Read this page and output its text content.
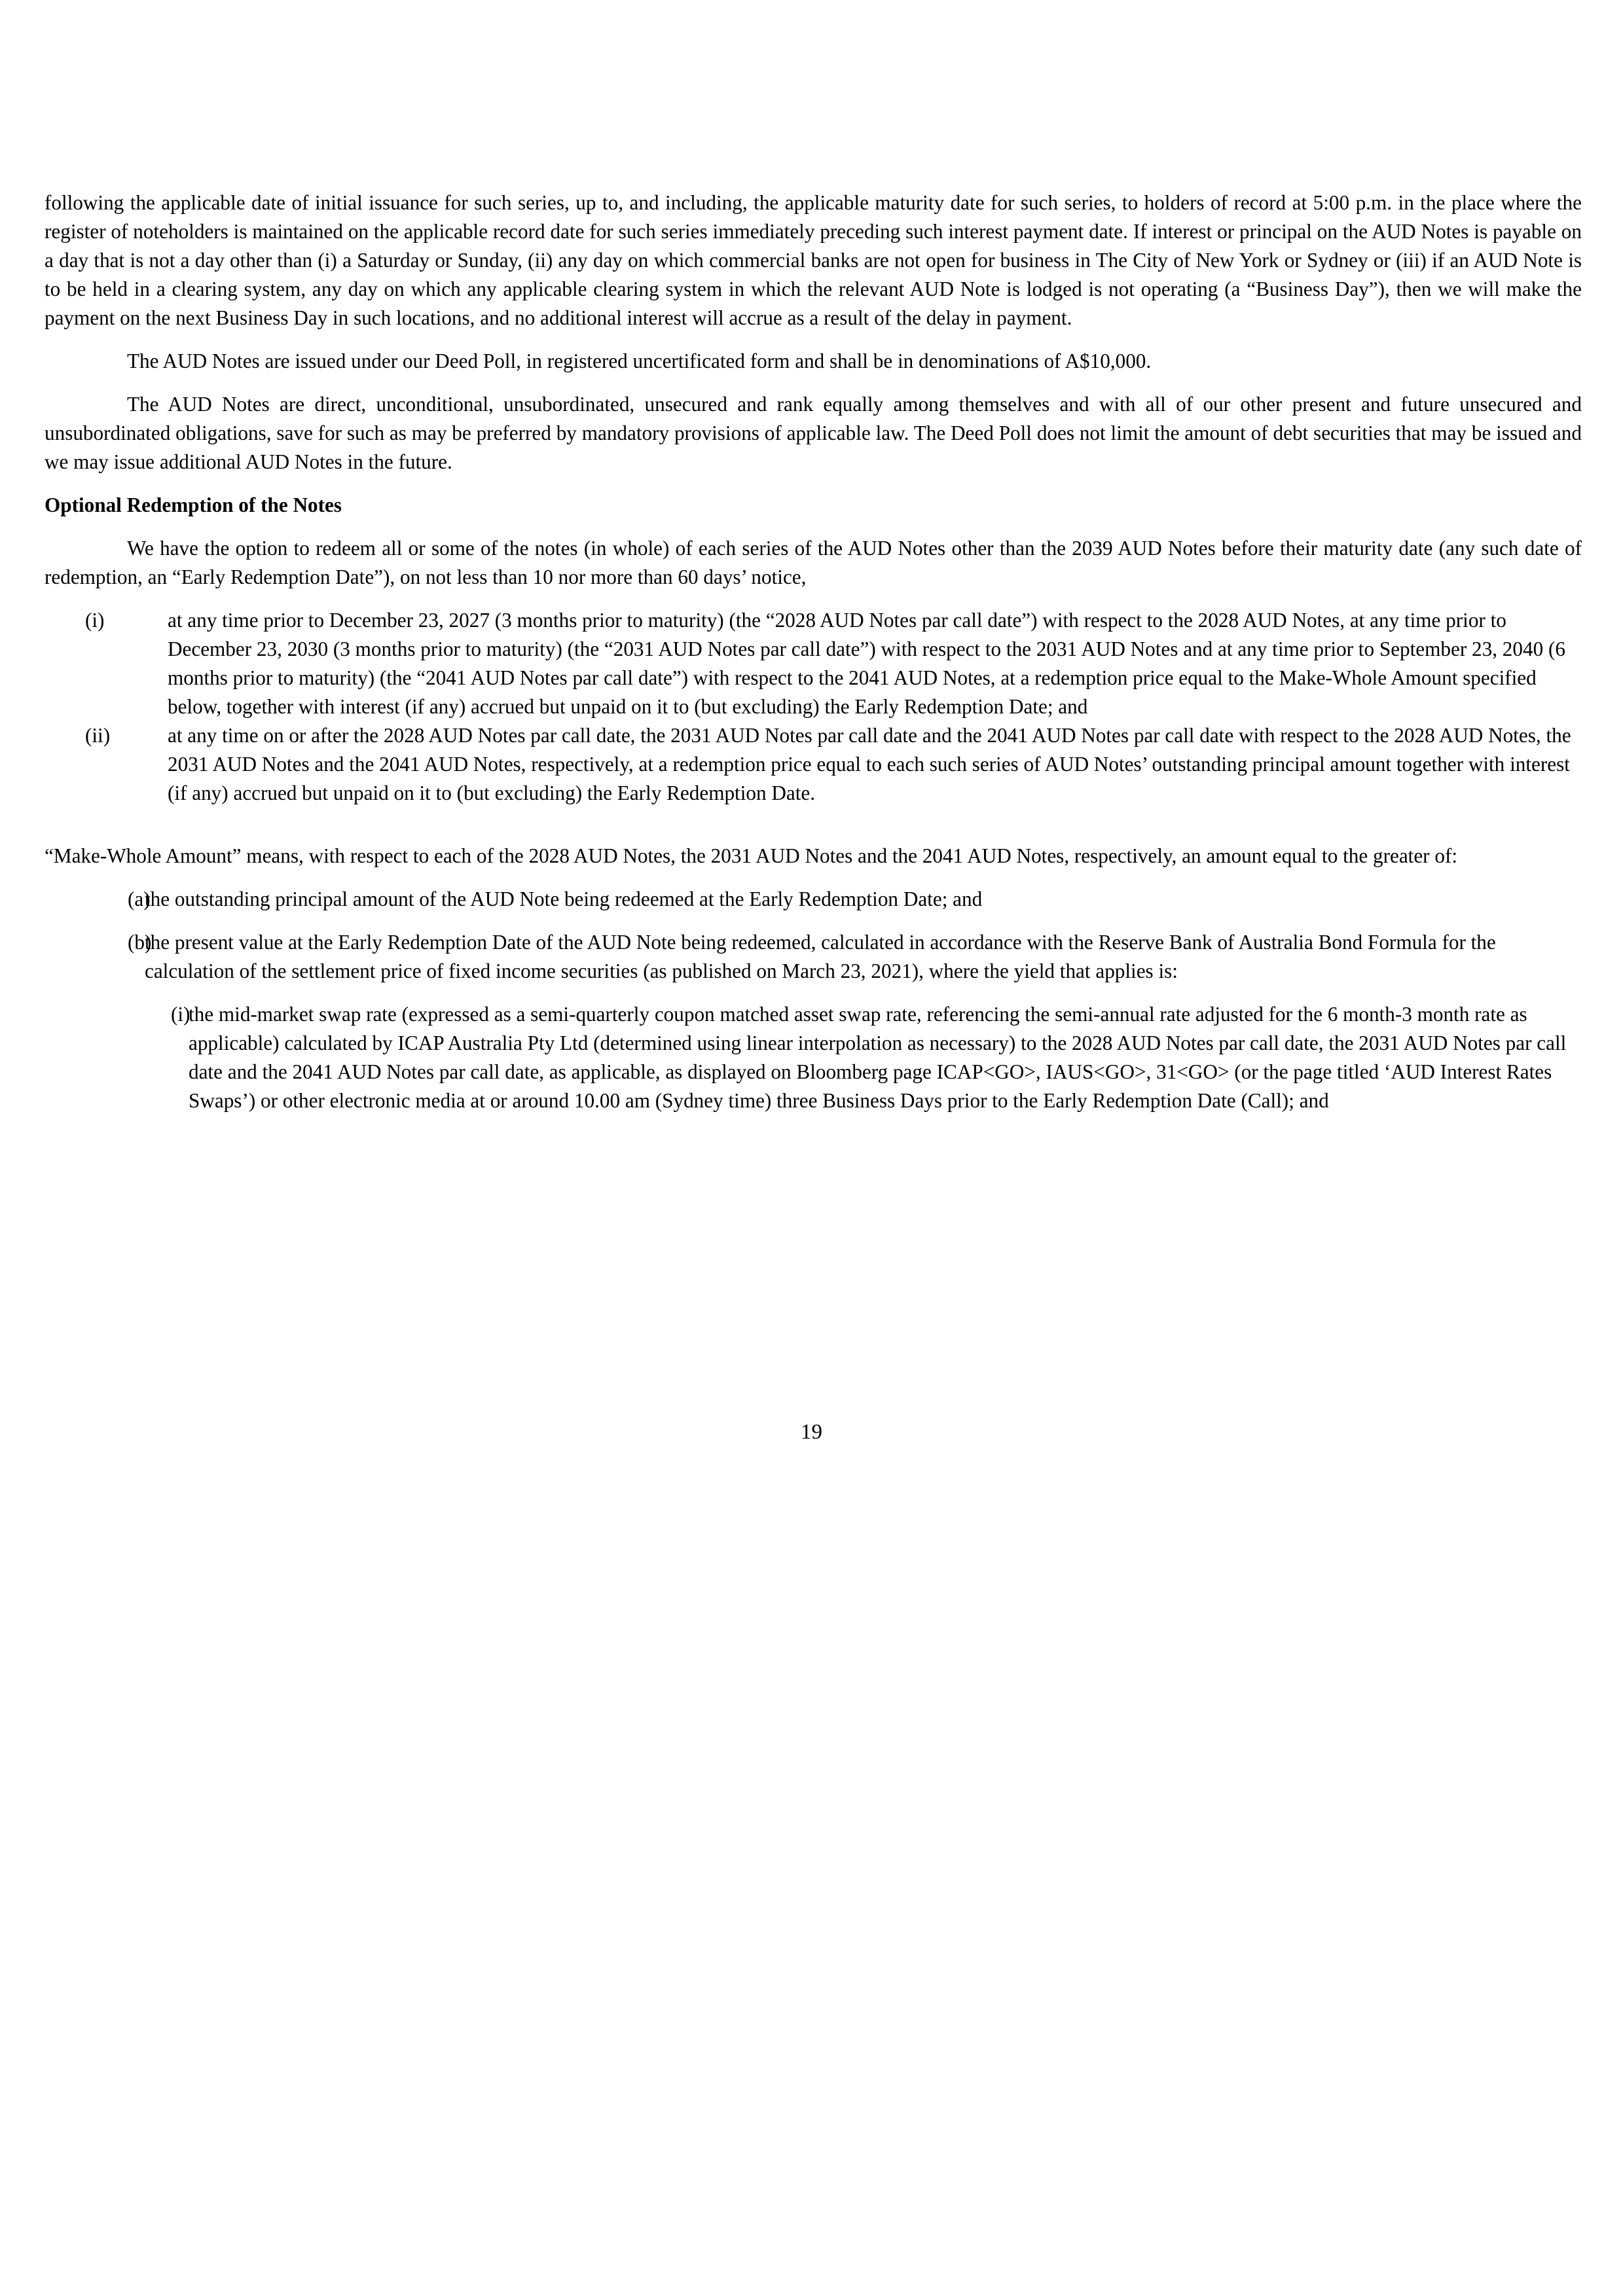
following the applicable date of initial issuance for such series, up to, and including, the applicable maturity date for such series, to holders of record at 5:00 p.m. in the place where the register of noteholders is maintained on the applicable record date for such series immediately preceding such interest payment date. If interest or principal on the AUD Notes is payable on a day that is not a day other than (i) a Saturday or Sunday, (ii) any day on which commercial banks are not open for business in The City of New York or Sydney or (iii) if an AUD Note is to be held in a clearing system, any day on which any applicable clearing system in which the relevant AUD Note is lodged is not operating (a “Business Day”), then we will make the payment on the next Business Day in such locations, and no additional interest will accrue as a result of the delay in payment.

The AUD Notes are issued under our Deed Poll, in registered uncertificated form and shall be in denominations of A$10,000.

The AUD Notes are direct, unconditional, unsubordinated, unsecured and rank equally among themselves and with all of our other present and future unsecured and unsubordinated obligations, save for such as may be preferred by mandatory provisions of applicable law. The Deed Poll does not limit the amount of debt securities that may be issued and we may issue additional AUD Notes in the future.

Optional Redemption of the Notes

We have the option to redeem all or some of the notes (in whole) of each series of the AUD Notes other than the 2039 AUD Notes before their maturity date (any such date of redemption, an “Early Redemption Date”), on not less than 10 nor more than 60 days’ notice,

(i)	at any time prior to December 23, 2027 (3 months prior to maturity) (the “2028 AUD Notes par call date”) with respect to the 2028 AUD Notes, at any time prior to December 23, 2030 (3 months prior to maturity) (the “2031 AUD Notes par call date”) with respect to the 2031 AUD Notes and at any time prior to September 23, 2040 (6 months prior to maturity) (the “2041 AUD Notes par call date”) with respect to the 2041 AUD Notes, at a redemption price equal to the Make-Whole Amount specified below, together with interest (if any) accrued but unpaid on it to (but excluding) the Early Redemption Date; and

(ii)	at any time on or after the 2028 AUD Notes par call date, the 2031 AUD Notes par call date and the 2041 AUD Notes par call date with respect to the 2028 AUD Notes, the 2031 AUD Notes and the 2041 AUD Notes, respectively, at a redemption price equal to each such series of AUD Notes’ outstanding principal amount together with interest (if any) accrued but unpaid on it to (but excluding) the Early Redemption Date.

“Make-Whole Amount” means, with respect to each of the 2028 AUD Notes, the 2031 AUD Notes and the 2041 AUD Notes, respectively, an amount equal to the greater of:

(a)

the outstanding principal amount of the AUD Note being redeemed at the Early Redemption Date; and

(b)

the present value at the Early Redemption Date of the AUD Note being redeemed, calculated in accordance with the Reserve Bank of Australia Bond Formula for the calculation of the settlement price of fixed income securities (as published on March 23, 2021), where the yield that applies is:

(i)

the mid-market swap rate (expressed as a semi-quarterly coupon matched asset swap rate, referencing the semi-annual rate adjusted for the 6 month-3 month rate as applicable) calculated by ICAP Australia Pty Ltd (determined using linear interpolation as necessary) to the 2028 AUD Notes par call date, the 2031 AUD Notes par call date and the 2041 AUD Notes par call date, as applicable, as displayed on Bloomberg page ICAP<GO>, IAUS<GO>, 31<GO> (or the page titled ‘AUD Interest Rates Swaps’) or other electronic media at or around 10.00 am (Sydney time) three Business Days prior to the Early Redemption Date (Call); and

19
